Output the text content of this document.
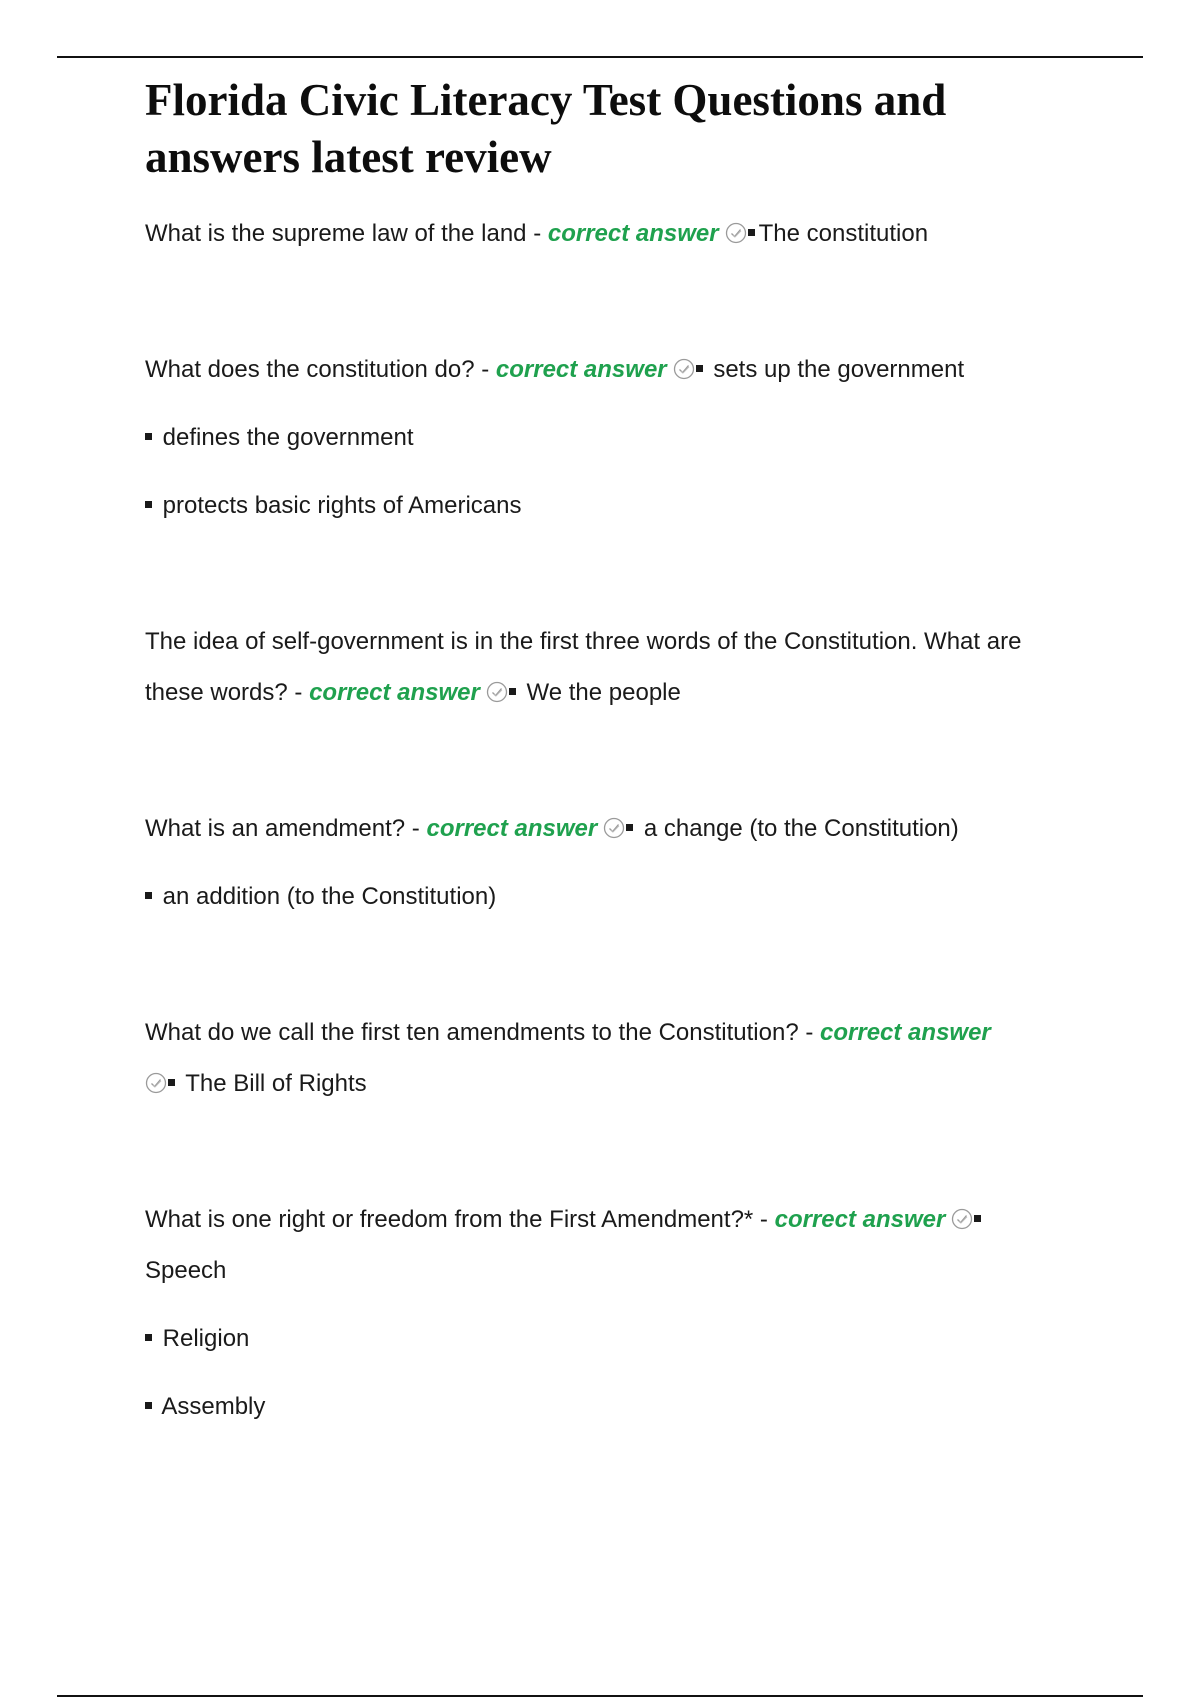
Florida Civic Literacy Test Questions and answers latest review

What is the supreme law of the land - correct answer The constitution

What does the constitution do? - correct answer sets up the government

defines the government

protects basic rights of Americans

The idea of self-government is in the first three words of the Constitution. What are these words? - correct answer We the people

What is an amendment? - correct answer a change (to the Constitution)

an addition (to the Constitution)

What do we call the first ten amendments to the Constitution? - correct answer
The Bill of Rights

What is one right or freedom from the First Amendment?* - correct answer
Speech

Religion

Assembly
